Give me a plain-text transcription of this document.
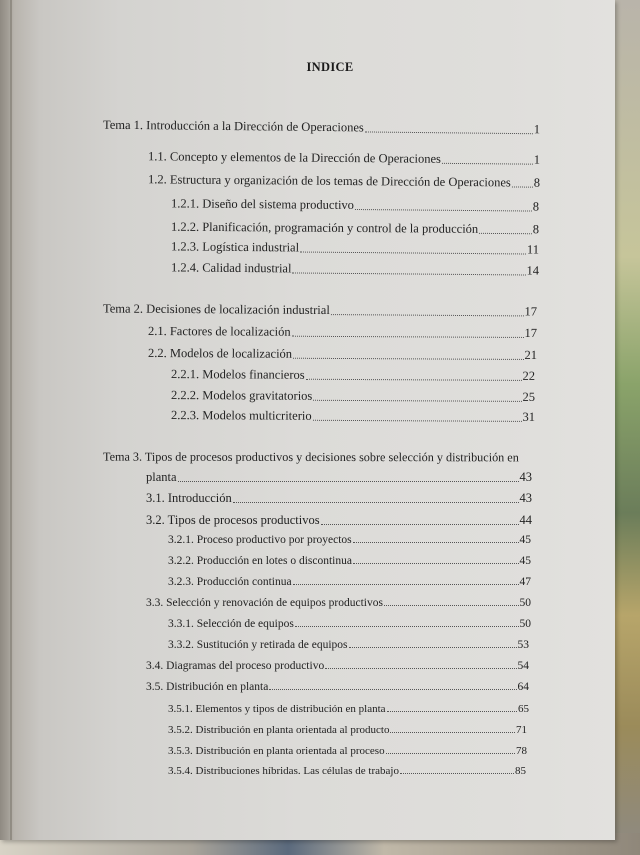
INDICE
Tema 1. Introducción a la Dirección de Operaciones	1
1.1. Concepto y elementos de la Dirección de Operaciones	1
1.2. Estructura y organización de los temas de Dirección de Operaciones 8
1.2.1. Diseño del sistema productivo	8
1.2.2. Planificación, programación y control de la producción	8
1.2.3. Logística industrial	11
1.2.4. Calidad industrial	14
Tema 2. Decisiones de localización industrial	17
2.1. Factores de localización	17
2.2. Modelos de localización	21
2.2.1. Modelos financieros	22
2.2.2. Modelos gravitatorios	25
2.2.3. Modelos multicriterio	31
Tema 3. Tipos de procesos productivos y decisiones sobre selección y distribución en
planta	43
3.1. Introducción	43
3.2. Tipos de procesos productivos	44
3.2.1. Proceso productivo por proyectos	45
3.2.2. Producción en lotes o discontinua	45
3.2.3. Producción continua	47
3.3. Selección y renovación de equipos productivos	50
3.3.1. Selección de equipos	50
3.3.2. Sustitución y retirada de equipos	53
3.4. Diagramas del proceso productivo	54
3.5. Distribución en planta	64
3.5.1. Elementos y tipos de distribución en planta	65
3.5.2. Distribución en planta orientada al producto	71
3.5.3. Distribución en planta orientada al proceso	78
3.5.4. Distribuciones híbridas. Las células de trabajo	85
